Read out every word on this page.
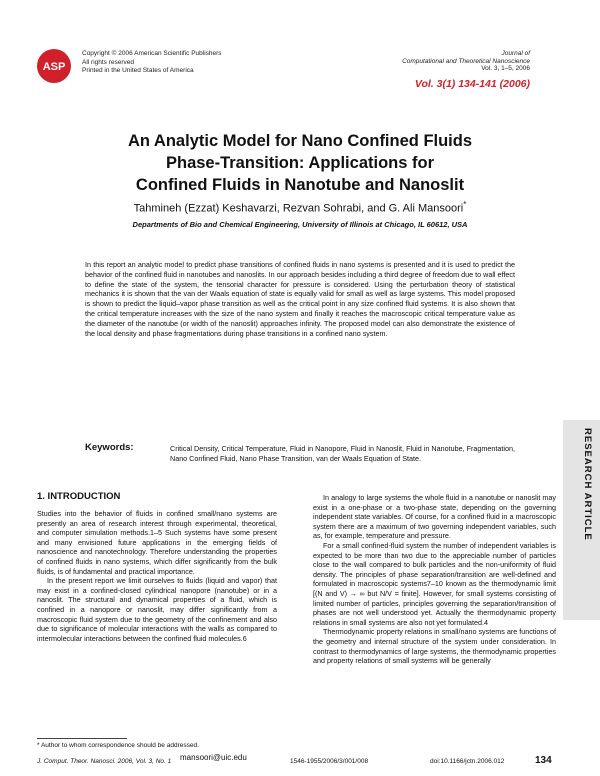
ASP
Copyright © 2006 American Scientific Publishers
All rights reserved
Printed in the United States of America
Journal of
Computational and Theoretical Nanoscience
Vol. 3, 1–5, 2006
Vol. 3(1) 134-141 (2006)
An Analytic Model for Nano Confined Fluids
Phase-Transition: Applications for
Confined Fluids in Nanotube and Nanoslit
Tahmineh (Ezzat) Keshavarzi, Rezvan Sohrabi, and G. Ali Mansoori*
Departments of Bio and Chemical Engineering, University of Illinois at Chicago, IL 60612, USA
In this report an analytic model to predict phase transitions of confined fluids in nano systems is presented and it is used to predict the behavior of the confined fluid in nanotubes and nanoslits. In our approach besides including a third degree of freedom due to wall effect to define the state of the system, the tensorial character for pressure is considered. Using the perturbation theory of statistical mechanics it is shown that the van der Waals equation of state is equally valid for small as well as large systems. This model proposed is shown to predict the liquid–vapor phase transition as well as the critical point in any size confined fluid systems. It is also shown that the critical temperature increases with the size of the nano system and finally it reaches the macroscopic critical temperature value as the diameter of the nanotube (or width of the nanoslit) approaches infinity. The proposed model can also demonstrate the existence of the local density and phase fragmentations during phase transitions in a confined nano system.
Keywords:	Critical Density, Critical Temperature, Fluid in Nanopore, Fluid in Nanoslit, Fluid in Nanotube, Fragmentation, Nano Confined Fluid, Nano Phase Transition, van der Waals Equation of State.	RESEARCH ARTICLE
1. INTRODUCTION

Studies into the behavior of fluids in confined small/nano systems are presently an area of research interest through experimental, theoretical, and computer simulation methods.1–5 Such systems have some present and many envisioned future applications in the emerging fields of nanoscience and nanotechnology. Therefore understanding the properties of confined fluids in nano systems, which differ significantly from the bulk fluids, is of fundamental and practical importance.

In the present report we limit ourselves to fluids (liquid and vapor) that may exist in a confined-closed cylindrical nanopore (nanotube) or in a nanoslit. The structural and dynamical properties of a fluid, which is confined in a nanopore or nanoslit, may differ significantly from a macroscopic fluid system due to the geometry of the confinement and also due to significance of molecular interactions with the walls as compared to intermolecular interactions between the confined fluid molecules.6

In analogy to large systems the whole fluid in a nanotube or nanoslit may exist in a one-phase or a two-phase state, depending on the governing independent state variables. Of course, for a confined fluid in a macroscopic system there are a maximum of two governing independent variables, such as, for example, temperature and pressure.

For a small confined-fluid system the number of independent variables is expected to be more than two due to the appreciable number of particles close to the wall compared to bulk particles and the non-uniformity of fluid density. The principles of phase separation/transition are well-defined and formulated in macroscopic systems7–10 known as the thermodynamic limit [(N and V) → ∞ but N/V = finite]. However, for small systems consisting of limited number of particles, principles governing the separation/transition of phases are not well understood yet. Actually the thermodynamic property relations in small systems are also not yet formulated.4

Thermodynamic property relations in small/nano systems are functions of the geometry and internal structure of the system under consideration. In contrast to thermodynamics of large systems, the thermodynamic properties and property relations of small systems will be generally

* Author to whom correspondence should be addressed.
mansoori@uic.edu
J. Comput. Theor. Nanosci. 2006, Vol. 3, No. 1	1546-1955/2006/3/001/008	doi:10.1166/jctn.2006.012	134
